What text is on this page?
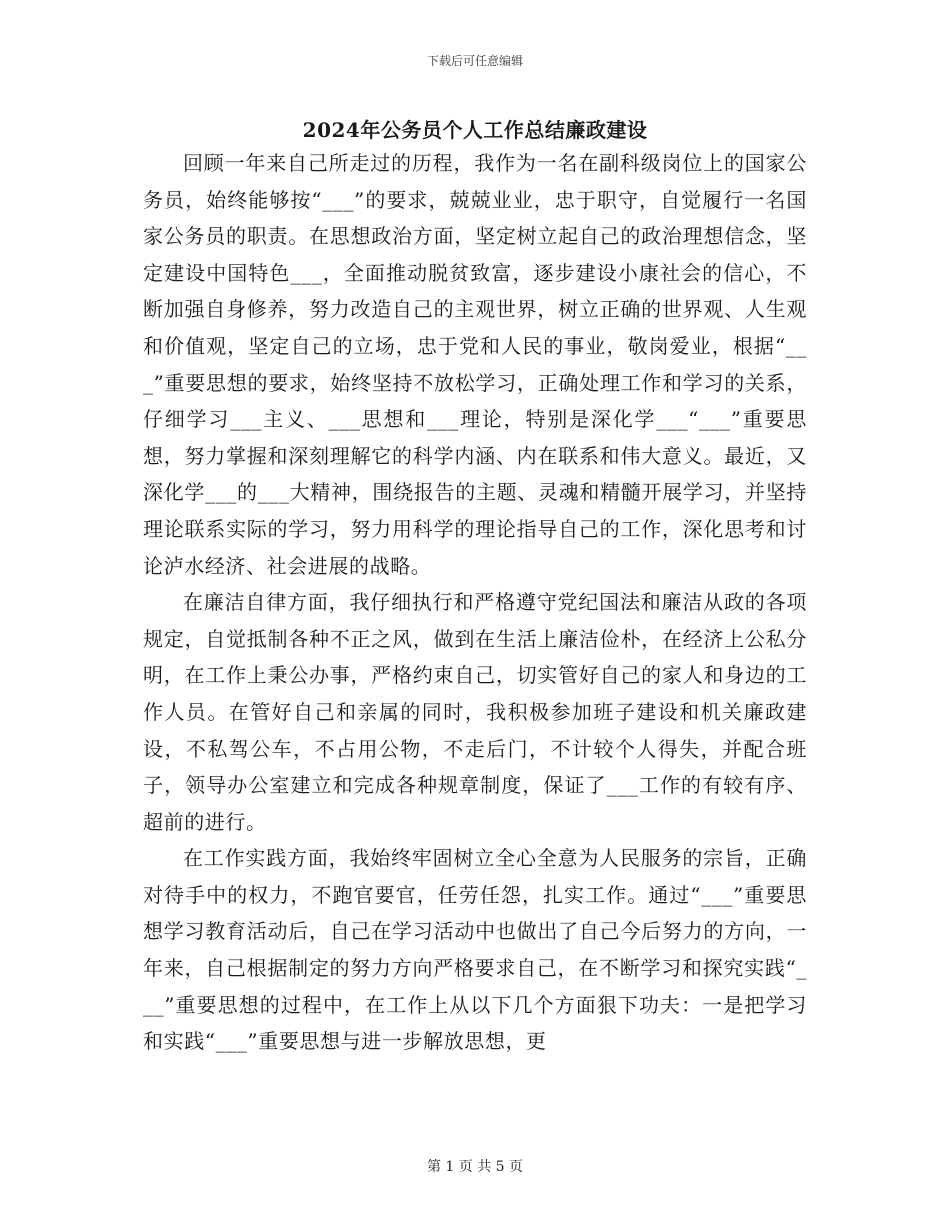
下载后可任意编辑
2024年公务员个人工作总结廉政建设

回顾一年来自己所走过的历程，我作为一名在副科级岗位上的国家公务员，始终能够按“___”的要求，兢兢业业，忠于职守，自觉履行一名国家公务员的职责。在思想政治方面，坚定树立起自己的政治理想信念，坚定建设中国特色___，全面推动脱贫致富，逐步建设小康社会的信心，不断加强自身修养，努力改造自己的主观世界，树立正确的世界观、人生观和价值观，坚定自己的立场，忠于党和人民的事业，敬岗爱业，根据“___”重要思想的要求，始终坚持不放松学习，正确处理工作和学习的关系，仔细学习___主义、___思想和___理论，特别是深化学___“___”重要思想，努力掌握和深刻理解它的科学内涵、内在联系和伟大意义。最近，又深化学___的___大精神，围绕报告的主题、灵魂和精髓开展学习，并坚持理论联系实际的学习，努力用科学的理论指导自己的工作，深化思考和讨论泸水经济、社会进展的战略。

在廉洁自律方面，我仔细执行和严格遵守党纪国法和廉洁从政的各项规定，自觉抵制各种不正之风，做到在生活上廉洁俭朴，在经济上公私分明，在工作上秉公办事，严格约束自己，切实管好自己的家人和身边的工作人员。在管好自己和亲属的同时，我积极参加班子建设和机关廉政建设，不私驾公车，不占用公物，不走后门，不计较个人得失，并配合班子，领导办公室建立和完成各种规章制度，保证了___工作的有较有序、超前的进行。

在工作实践方面，我始终牢固树立全心全意为人民服务的宗旨，正确对待手中的权力，不跑官要官，任劳任怨，扎实工作。通过“___”重要思想学习教育活动后，自己在学习活动中也做出了自己今后努力的方向，一年来，自己根据制定的努力方向严格要求自己，在不断学习和探究实践“___”重要思想的过程中，在工作上从以下几个方面狠下功夫：一是把学习和实践“___”重要思想与进一步解放思想，更

第 1 页 共 5 页
